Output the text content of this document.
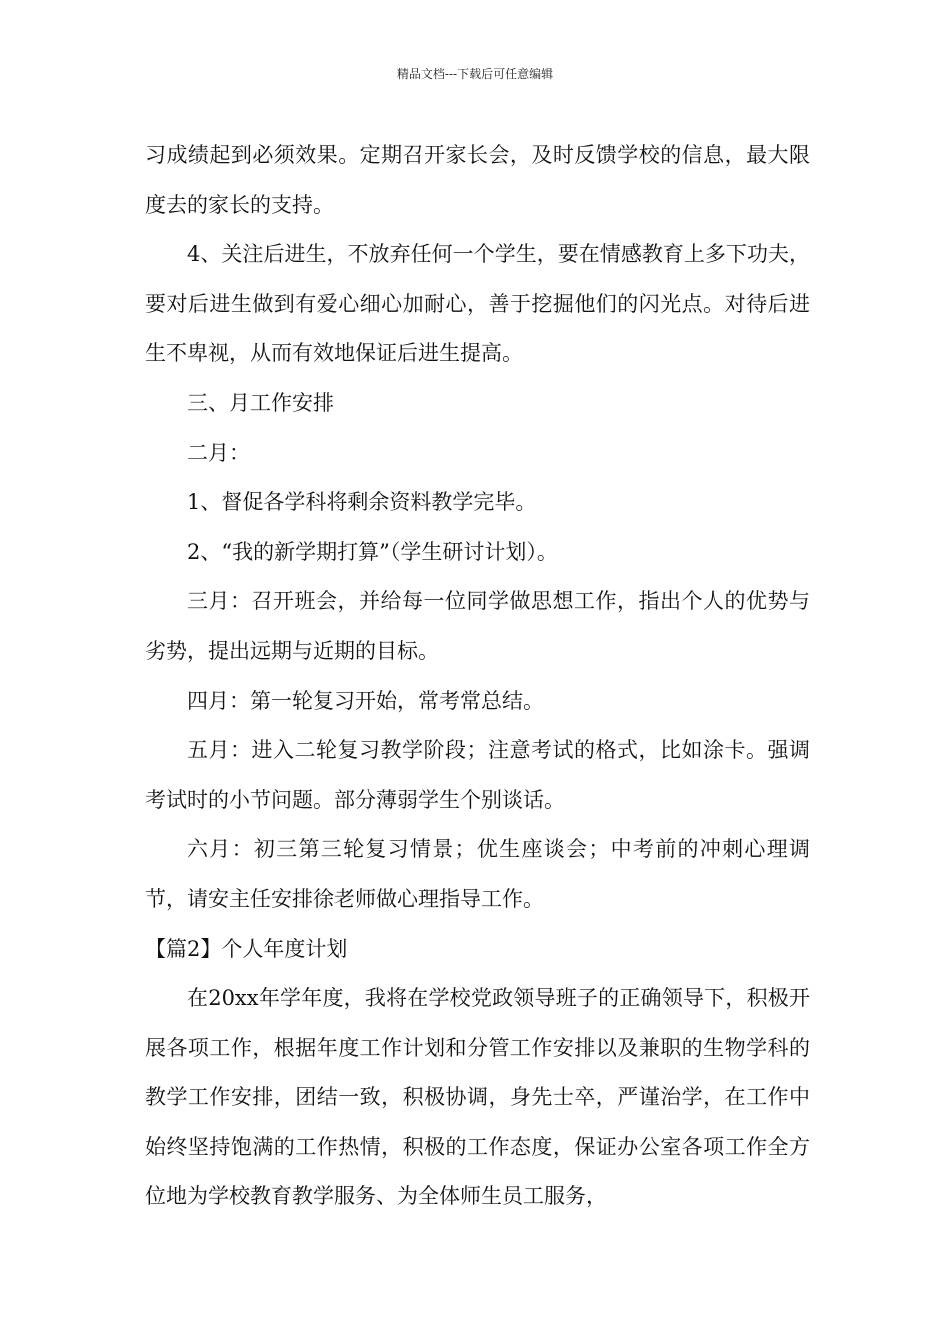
精品文档---下载后可任意编辑

习成绩起到必须效果。定期召开家长会，及时反馈学校的信息，最大限度去的家长的支持。

4、关注后进生，不放弃任何一个学生，要在情感教育上多下功夫，要对后进生做到有爱心细心加耐心，善于挖掘他们的闪光点。对待后进生不卑视，从而有效地保证后进生提高。

三、月工作安排

二月：

1、督促各学科将剩余资料教学完毕。

2、“我的新学期打算”（学生研讨计划）。

三月：召开班会，并给每一位同学做思想工作，指出个人的优势与劣势，提出远期与近期的目标。

四月：第一轮复习开始，常考常总结。

五月：进入二轮复习教学阶段；注意考试的格式，比如涂卡。强调考试时的小节问题。部分薄弱学生个别谈话。

六月：初三第三轮复习情景；优生座谈会；中考前的冲刺心理调节，请安主任安排徐老师做心理指导工作。

【篇2】个人年度计划

在20xx年学年度，我将在学校党政领导班子的正确领导下，积极开展各项工作，根据年度工作计划和分管工作安排以及兼职的生物学科的教学工作安排，团结一致，积极协调，身先士卒，严谨治学，在工作中始终坚持饱满的工作热情，积极的工作态度，保证办公室各项工作全方位地为学校教育教学服务、为全体师生员工服务，
